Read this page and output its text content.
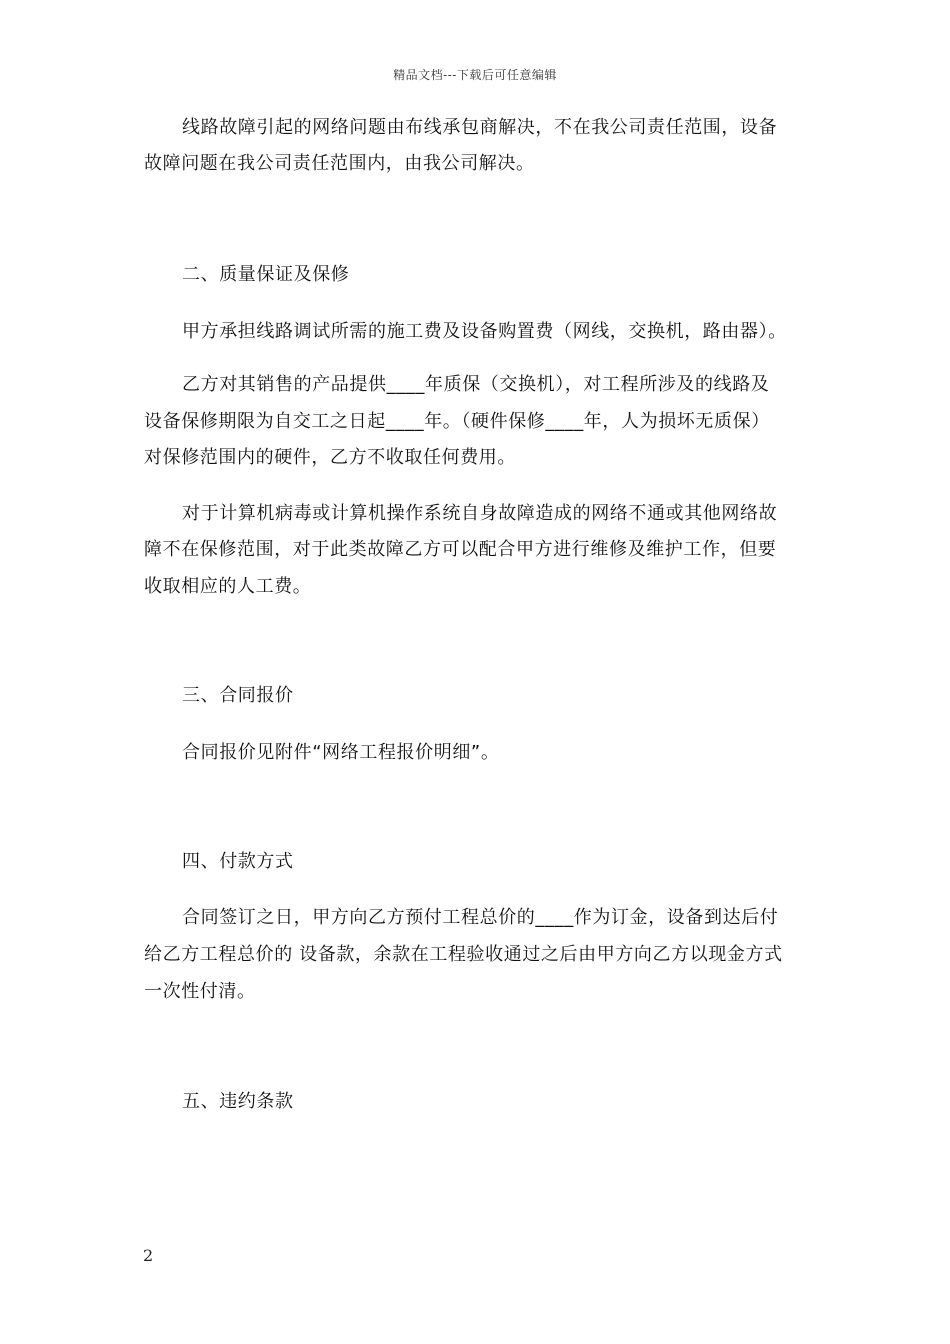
精品文档---下载后可任意编辑
线路故障引起的网络问题由布线承包商解决，不在我公司责任范围，设备
故障问题在我公司责任范围内，由我公司解决。
二、质量保证及保修
甲方承担线路调试所需的施工费及设备购置费（网线，交换机，路由器）。
乙方对其销售的产品提供____年质保（交换机），对工程所涉及的线路及
设备保修期限为自交工之日起____年。（硬件保修____年，人为损坏无质保）
对保修范围内的硬件，乙方不收取任何费用。
对于计算机病毒或计算机操作系统自身故障造成的网络不通或其他网络故
障不在保修范围，对于此类故障乙方可以配合甲方进行维修及维护工作，但要
收取相应的人工费。
三、合同报价
合同报价见附件“网络工程报价明细”。
四、付款方式
合同签订之日，甲方向乙方预付工程总价的____作为订金，设备到达后付
给乙方工程总价的 设备款，余款在工程验收通过之后由甲方向乙方以现金方式
一次性付清。
五、违约条款
2
